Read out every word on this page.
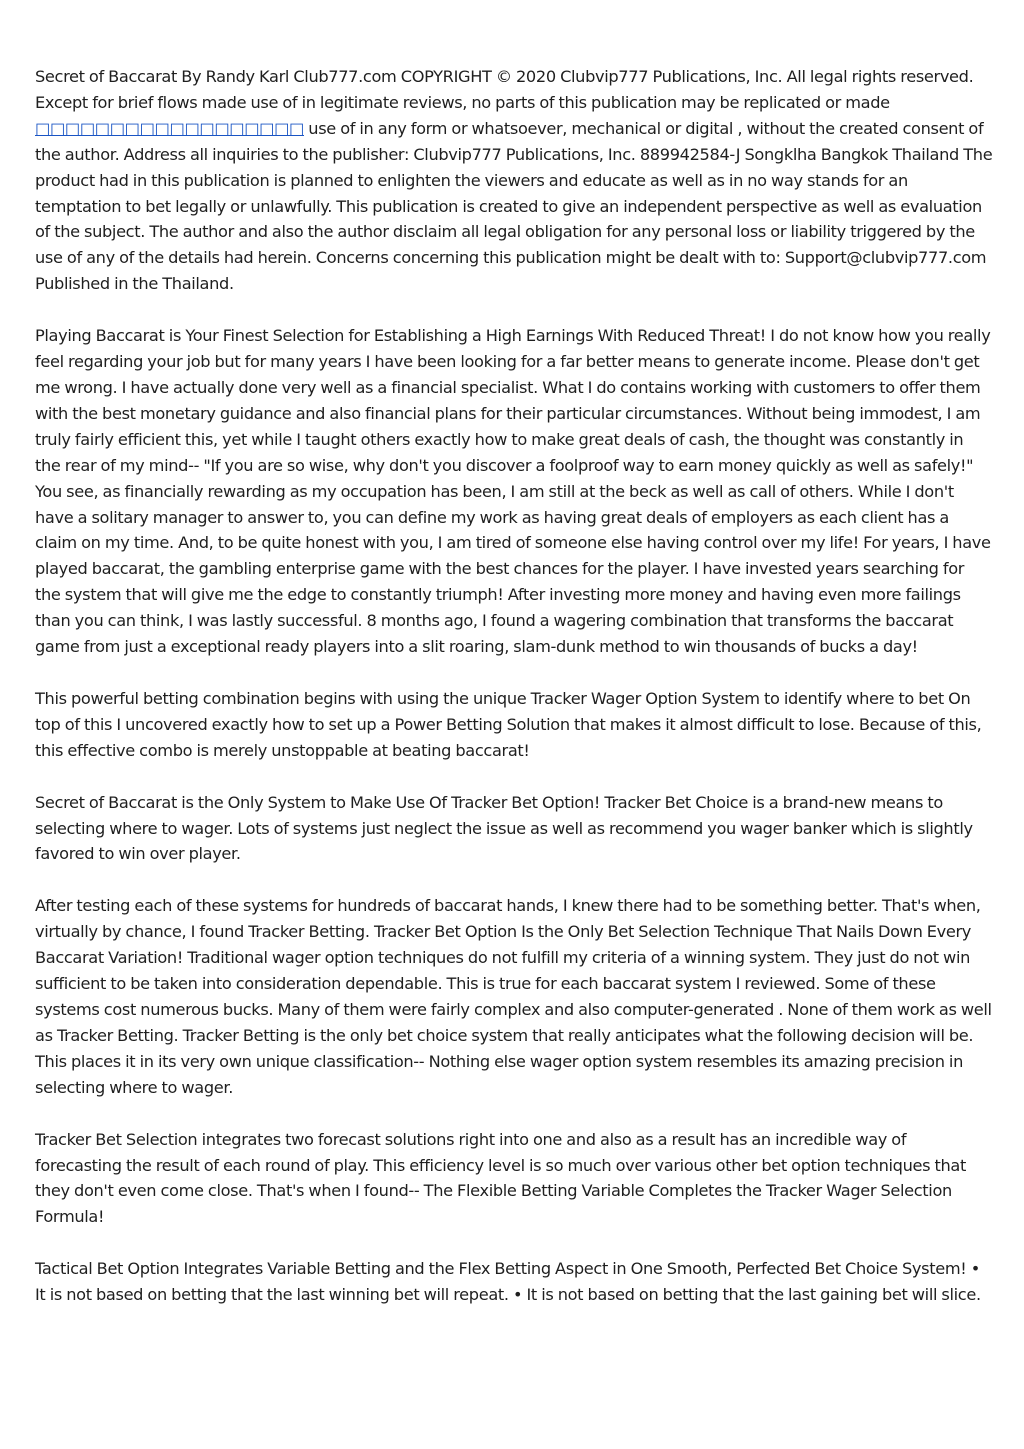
Secret of Baccarat By Randy Karl Club777.com COPYRIGHT © 2020 Clubvip777 Publications, Inc. All legal rights reserved. Except for brief flows made use of in legitimate reviews, no parts of this publication may be replicated or made □□□□□□□□□□□□□□□□□□ use of in any form or whatsoever, mechanical or digital , without the created consent of the author. Address all inquiries to the publisher: Clubvip777 Publications, Inc. 889942584-J Songklha Bangkok Thailand The product had in this publication is planned to enlighten the viewers and educate as well as in no way stands for an temptation to bet legally or unlawfully. This publication is created to give an independent perspective as well as evaluation of the subject. The author and also the author disclaim all legal obligation for any personal loss or liability triggered by the use of any of the details had herein. Concerns concerning this publication might be dealt with to: Support@clubvip777.com Published in the Thailand.

Playing Baccarat is Your Finest Selection for Establishing a High Earnings With Reduced Threat! I do not know how you really feel regarding your job but for many years I have been looking for a far better means to generate income. Please don't get me wrong. I have actually done very well as a financial specialist. What I do contains working with customers to offer them with the best monetary guidance and also financial plans for their particular circumstances. Without being immodest, I am truly fairly efficient this, yet while I taught others exactly how to make great deals of cash, the thought was constantly in the rear of my mind-- "If you are so wise, why don't you discover a foolproof way to earn money quickly as well as safely!" You see, as financially rewarding as my occupation has been, I am still at the beck as well as call of others. While I don't have a solitary manager to answer to, you can define my work as having great deals of employers as each client has a claim on my time. And, to be quite honest with you, I am tired of someone else having control over my life! For years, I have played baccarat, the gambling enterprise game with the best chances for the player. I have invested years searching for the system that will give me the edge to constantly triumph! After investing more money and having even more failings than you can think, I was lastly successful. 8 months ago, I found a wagering combination that transforms the baccarat game from just a exceptional ready players into a slit roaring, slam-dunk method to win thousands of bucks a day!

This powerful betting combination begins with using the unique Tracker Wager Option System to identify where to bet On top of this I uncovered exactly how to set up a Power Betting Solution that makes it almost difficult to lose. Because of this, this effective combo is merely unstoppable at beating baccarat!

Secret of Baccarat is the Only System to Make Use Of Tracker Bet Option! Tracker Bet Choice is a brand-new means to selecting where to wager. Lots of systems just neglect the issue as well as recommend you wager banker which is slightly favored to win over player.

After testing each of these systems for hundreds of baccarat hands, I knew there had to be something better. That's when, virtually by chance, I found Tracker Betting. Tracker Bet Option Is the Only Bet Selection Technique That Nails Down Every Baccarat Variation! Traditional wager option techniques do not fulfill my criteria of a winning system. They just do not win sufficient to be taken into consideration dependable. This is true for each baccarat system I reviewed. Some of these systems cost numerous bucks. Many of them were fairly complex and also computer-generated . None of them work as well as Tracker Betting. Tracker Betting is the only bet choice system that really anticipates what the following decision will be. This places it in its very own unique classification-- Nothing else wager option system resembles its amazing precision in selecting where to wager.

Tracker Bet Selection integrates two forecast solutions right into one and also as a result has an incredible way of forecasting the result of each round of play. This efficiency level is so much over various other bet option techniques that they don't even come close. That's when I found-- The Flexible Betting Variable Completes the Tracker Wager Selection Formula!

Tactical Bet Option Integrates Variable Betting and the Flex Betting Aspect in One Smooth, Perfected Bet Choice System! • It is not based on betting that the last winning bet will repeat. • It is not based on betting that the last gaining bet will slice.
